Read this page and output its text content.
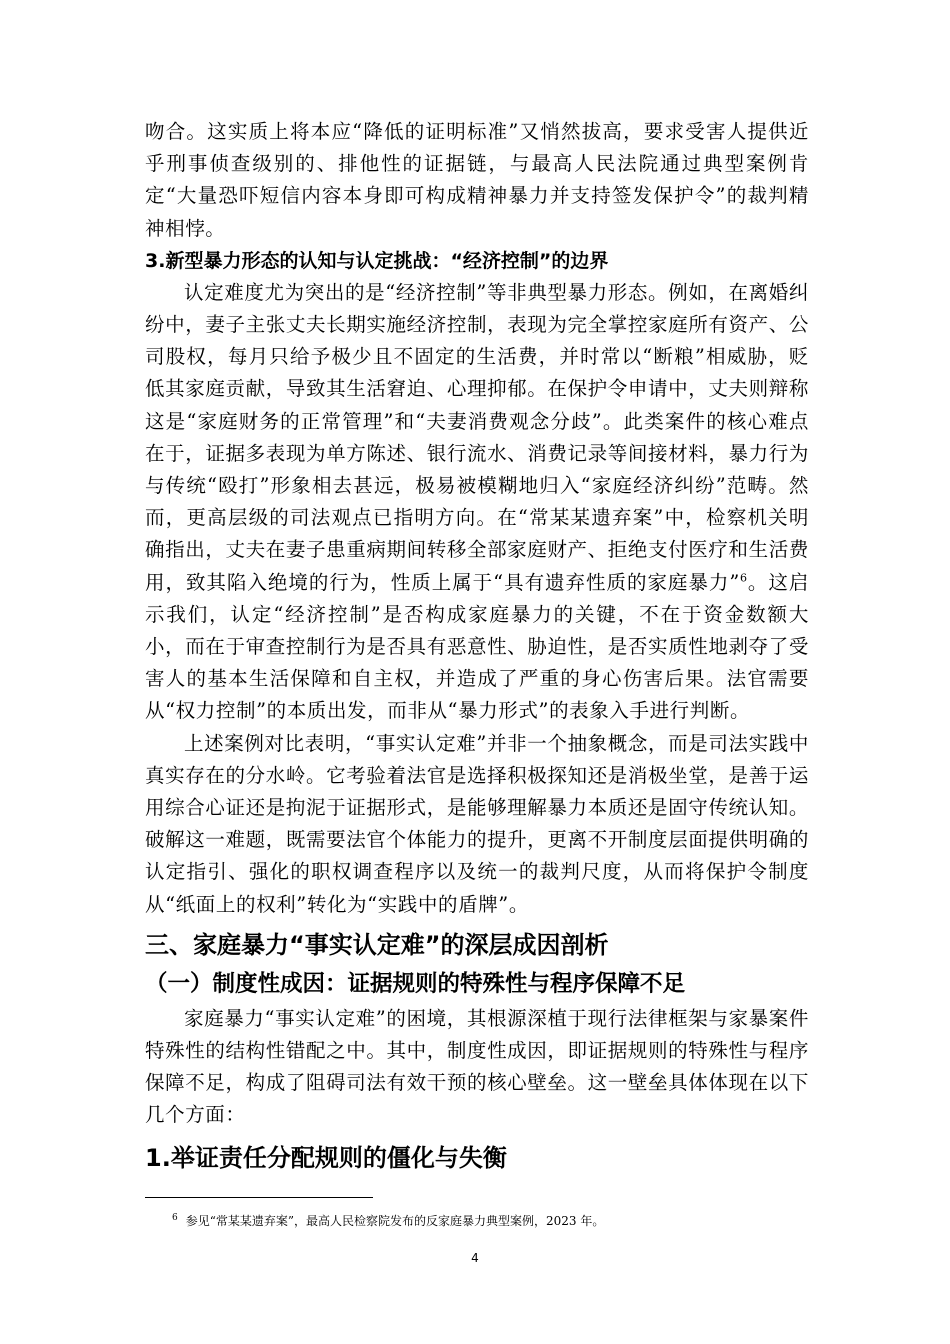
吻合。这实质上将本应“降低的证明标准”又悄然拔高，要求受害人提供近乎刑事侦查级别的、排他性的证据链，与最高人民法院通过典型案例肯定“大量恐吓短信内容本身即可构成精神暴力并支持签发保护令”的裁判精神相悖。

3.新型暴力形态的认知与认定挑战：“经济控制”的边界

认定难度尤为突出的是“经济控制”等非典型暴力形态。例如，在离婚纠纷中，妻子主张丈夫长期实施经济控制，表现为完全掌控家庭所有资产、公司股权，每月只给予极少且不固定的生活费，并时常以“断粮”相威胁，贬低其家庭贡献，导致其生活窘迫、心理抑郁。在保护令申请中，丈夫则辩称这是“家庭财务的正常管理”和“夫妻消费观念分歧”。此类案件的核心难点在于，证据多表现为单方陈述、银行流水、消费记录等间接材料，暴力行为与传统“殴打”形象相去甚远，极易被模糊地归入“家庭经济纠纷”范畴。然而，更高层级的司法观点已指明方向。在“常某某遗弃案”中，检察机关明确指出，丈夫在妻子患重病期间转移全部家庭财产、拒绝支付医疗和生活费用，致其陷入绝境的行为，性质上属于“具有遗弃性质的家庭暴力”$^6$。这启示我们，认定“经济控制”是否构成家庭暴力的关键，不在于资金数额大小，而在于审查控制行为是否具有恶意性、胁迫性，是否实质性地剥夺了受害人的基本生活保障和自主权，并造成了严重的身心伤害后果。法官需要从“权力控制”的本质出发，而非从“暴力形式”的表象入手进行判断。

上述案例对比表明，“事实认定难”并非一个抽象概念，而是司法实践中真实存在的分水岭。它考验着法官是选择积极探知还是消极坐堂，是善于运用综合心证还是拘泥于证据形式，是能够理解暴力本质还是固守传统认知。破解这一难题，既需要法官个体能力的提升，更离不开制度层面提供明确的认定指引、强化的职权调查程序以及统一的裁判尺度，从而将保护令制度从“纸面上的权利”转化为“实践中的盾牌”。

三、家庭暴力“事实认定难”的深层成因剖析
（一）制度性成因：证据规则的特殊性与程序保障不足

家庭暴力“事实认定难”的困境，其根源深植于现行法律框架与家暴案件特殊性的结构性错配之中。其中，制度性成因，即证据规则的特殊性与程序保障不足，构成了阻碍司法有效干预的核心壁垒。这一壁垒具体体现在以下几个方面：

1.举证责任分配规则的僵化与失衡
$^6$ 参见“常某某遗弃案”，最高人民检察院发布的反家庭暴力典型案例，2023 年。
4
